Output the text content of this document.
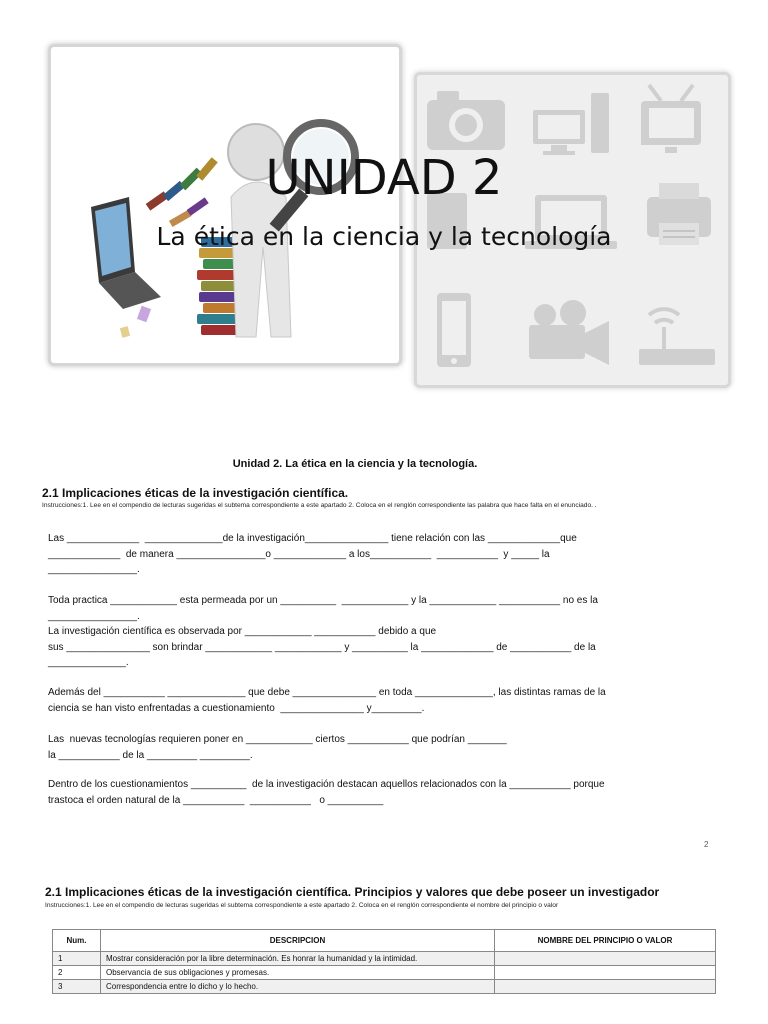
UNIDAD 2
La ética en la ciencia y la tecnología
Unidad 2. La ética en la ciencia y la tecnología.
2.1 Implicaciones éticas de la investigación científica.
Instrucciones:1. Lee en el compendio de lecturas sugeridas el subtema correspondiente a este apartado 2. Coloca en el renglón correspondiente las palabra que hace falta en el enunciado. .
Las _____________  ______________de la investigación_______________ tiene relación con las _____________que
_____________  de manera ________________o _____________ a los___________  ___________  y _____ la
________________.
Toda practica ____________ esta permeada por un __________  ____________ y la ____________ ___________ no es la
________________.
La investigación científica es observada por ____________ ___________ debido a que
sus _______________ son brindar ____________ ____________ y __________ la _____________ de ___________ de la
______________.
Además del ___________ ______________ que debe _______________ en toda ______________, las distintas ramas de la
ciencia se han visto enfrentadas a cuestionamiento  _______________ y_________.
Las  nuevas tecnologías requieren poner en ____________ ciertos ___________ que podrían _______
la ___________ de la _________ _________.
Dentro de los cuestionamientos __________  de la investigación destacan aquellos relacionados con la ___________ porque
trastoca el orden natural de la ___________  ___________   o __________
2
2.1 Implicaciones éticas de la investigación científica. Principios y valores que debe poseer un investigador
Instrucciones:1. Lee en el compendio de lecturas sugeridas el subtema correspondiente a este apartado 2. Coloca en el renglón correspondiente el nombre del principio o valor
Num.	DESCRIPCION	NOMBRE DEL PRINCIPIO O VALOR
1	Mostrar consideración por la libre determinación. Es honrar la humanidad y la intimidad.	
2	Observancia de sus obligaciones y promesas.	
3	Correspondencia entre lo dicho y lo hecho.	
